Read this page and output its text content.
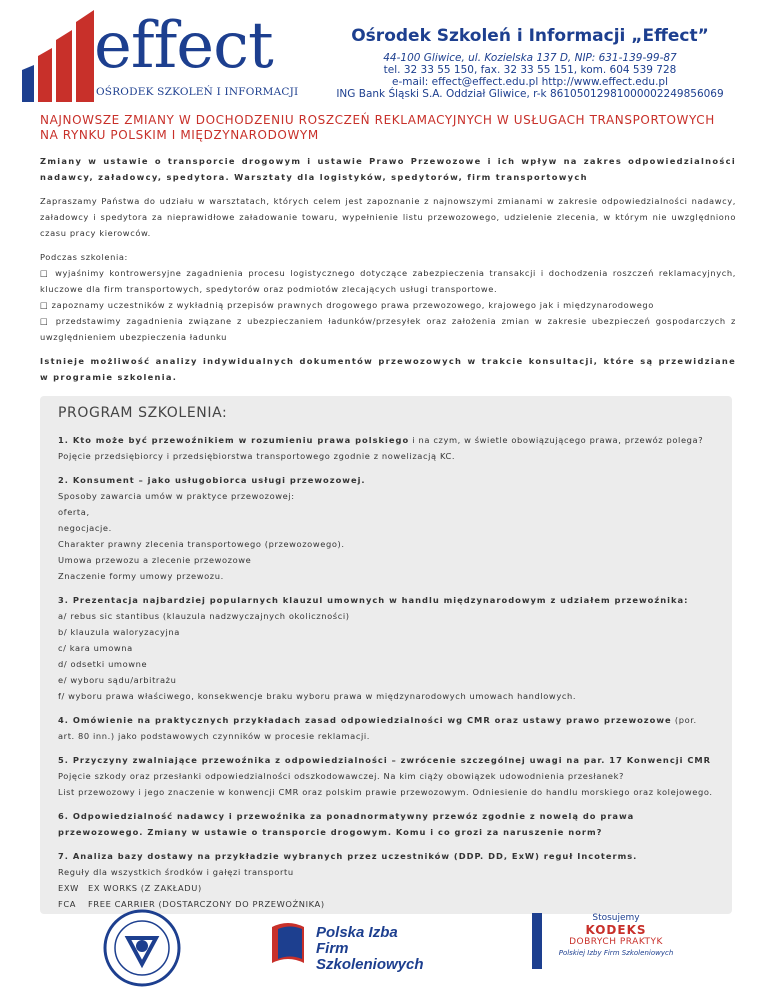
effect
OŚRODEK SZKOLEŃ I INFORMACJI
Ośrodek Szkoleń i Informacji „Effect”
44-100 Gliwice, ul. Kozielska 137 D, NIP: 631-139-99-87
tel. 32 33 55 150, fax. 32 33 55 151, kom. 604 539 728
e-mail: effect@effect.edu.pl http://www.effect.edu.pl
ING Bank Śląski S.A. Oddział Gliwice, r-k 86105012981000002249856069
NAJNOWSZE ZMIANY W DOCHODZENIU ROSZCZEŃ REKLAMACYJNYCH W USŁUGACH TRANSPORTOWYCH NA RYNKU POLSKIM I MIĘDZYNARODOWYM
Zmiany w ustawie o transporcie drogowym i ustawie Prawo Przewozowe i ich wpływ na zakres odpowiedzialności nadawcy, załadowcy, spedytora. Warsztaty dla logistyków, spedytorów, firm transportowych
Zapraszamy Państwa do udziału w warsztatach, których celem jest zapoznanie z najnowszymi zmianami w zakresie odpowiedzialności nadawcy, załadowcy i spedytora za nieprawidłowe załadowanie towaru, wypełnienie listu przewozowego, udzielenie zlecenia, w którym nie uwzględniono czasu pracy kierowców.
Podczas szkolenia:
□ wyjaśnimy kontrowersyjne zagadnienia procesu logistycznego dotyczące zabezpieczenia transakcji i dochodzenia roszczeń reklamacyjnych, kluczowe dla firm transportowych, spedytorów oraz podmiotów zlecających usługi transportowe.
□ zapoznamy uczestników z wykładnią przepisów prawnych drogowego prawa przewozowego, krajowego jak i międzynarodowego
□ przedstawimy zagadnienia związane z ubezpieczaniem ładunków/przesyłek oraz założenia zmian w zakresie ubezpieczeń gospodarczych z uwzględnieniem ubezpieczenia ładunku
Istnieje możliwość analizy indywidualnych dokumentów przewozowych w trakcie konsultacji, które są przewidziane w programie szkolenia.
PROGRAM SZKOLENIA:
1. Kto może być przewoźnikiem w rozumieniu prawa polskiego i na czym, w świetle obowiązującego prawa, przewóz polega? Pojęcie przedsiębiorcy i przedsiębiorstwa transportowego zgodnie z nowelizacją KC.
2. Konsument – jako usługobiorca usługi przewozowej.
Sposoby zawarcia umów w praktyce przewozowej:
oferta,
negocjacje.
Charakter prawny zlecenia transportowego (przewozowego).
Umowa przewozu a zlecenie przewozowe
Znaczenie formy umowy przewozu.
3. Prezentacja najbardziej popularnych klauzul umownych w handlu międzynarodowym z udziałem przewoźnika:
a/ rebus sic stantibus (klauzula nadzwyczajnych okoliczności)
b/ klauzula waloryzacyjna
c/ kara umowna
d/ odsetki umowne
e/ wyboru sądu/arbitrażu
f/ wyboru prawa właściwego, konsekwencje braku wyboru prawa w międzynarodowych umowach handlowych.
4. Omówienie na praktycznych przykładach zasad odpowiedzialności wg CMR oraz ustawy prawo przewozowe (por. art. 80 inn.) jako podstawowych czynników w procesie reklamacji.
5. Przyczyny zwalniające przewoźnika z odpowiedzialności – zwrócenie szczególnej uwagi na par. 17 Konwencji CMR
Pojęcie szkody oraz przesłanki odpowiedzialności odszkodowawczej. Na kim ciąży obowiązek udowodnienia przesłanek?
List przewozowy i jego znaczenie w konwencji CMR oraz polskim prawie przewozowym. Odniesienie do handlu morskiego oraz kolejowego.
6. Odpowiedzialność nadawcy i przewoźnika za ponadnormatywny przewóz zgodnie z nowelą do prawa przewozowego. Zmiany w ustawie o transporcie drogowym. Komu i co grozi za naruszenie norm?
7. Analiza bazy dostawy na przykładzie wybranych przez uczestników (DDP. DD, ExW) reguł Incoterms.
Reguły dla wszystkich środków i gałęzi transportu
EXW EX WORKS (Z ZAKŁADU)
FCA FREE CARRIER (DOSTARCZONY DO PRZEWOŹNIKA)
Polska Izba
Firm Szkoleniowych
Stosujemy
KODEKS
DOBRYCH PRAKTYK
Polskiej Izby Firm Szkoleniowych
